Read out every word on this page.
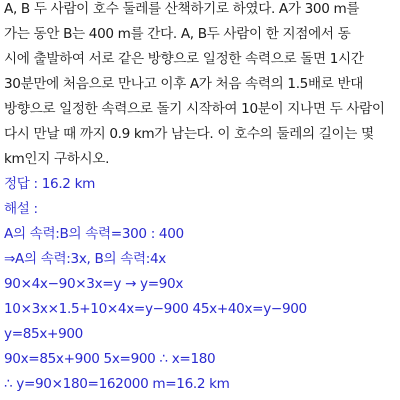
A, B 두 사람이 호수 둘레를 산책하기로 하였다. A가 300 m를
가는 동안 B는 400 m를 간다. A, B두 사람이 한 지점에서 동
시에 출발하여 서로 같은 방향으로 일정한 속력으로 돌면 1시간
30분만에 처음으로 만나고 이후 A가 처음 속력의 1.5배로 반대
방향으로 일정한 속력으로 돌기 시작하여 10분이 지나면 두 사람이
다시 만날 때 까지 0.9 km가 남는다. 이 호수의 둘레의 길이는 몇
km인지 구하시오.
정답 : 16.2 km
해설 :
A의 속력:B의 속력=300 : 400
⇒A의 속력:3x, B의 속력:4x
90×4x−90×3x=y → y=90x
10×3x×1.5+10×4x=y−900 45x+40x=y−900
y=85x+900
90x=85x+900 5x=900 ∴ x=180
∴ y=90×180=162000 m=16.2 km
